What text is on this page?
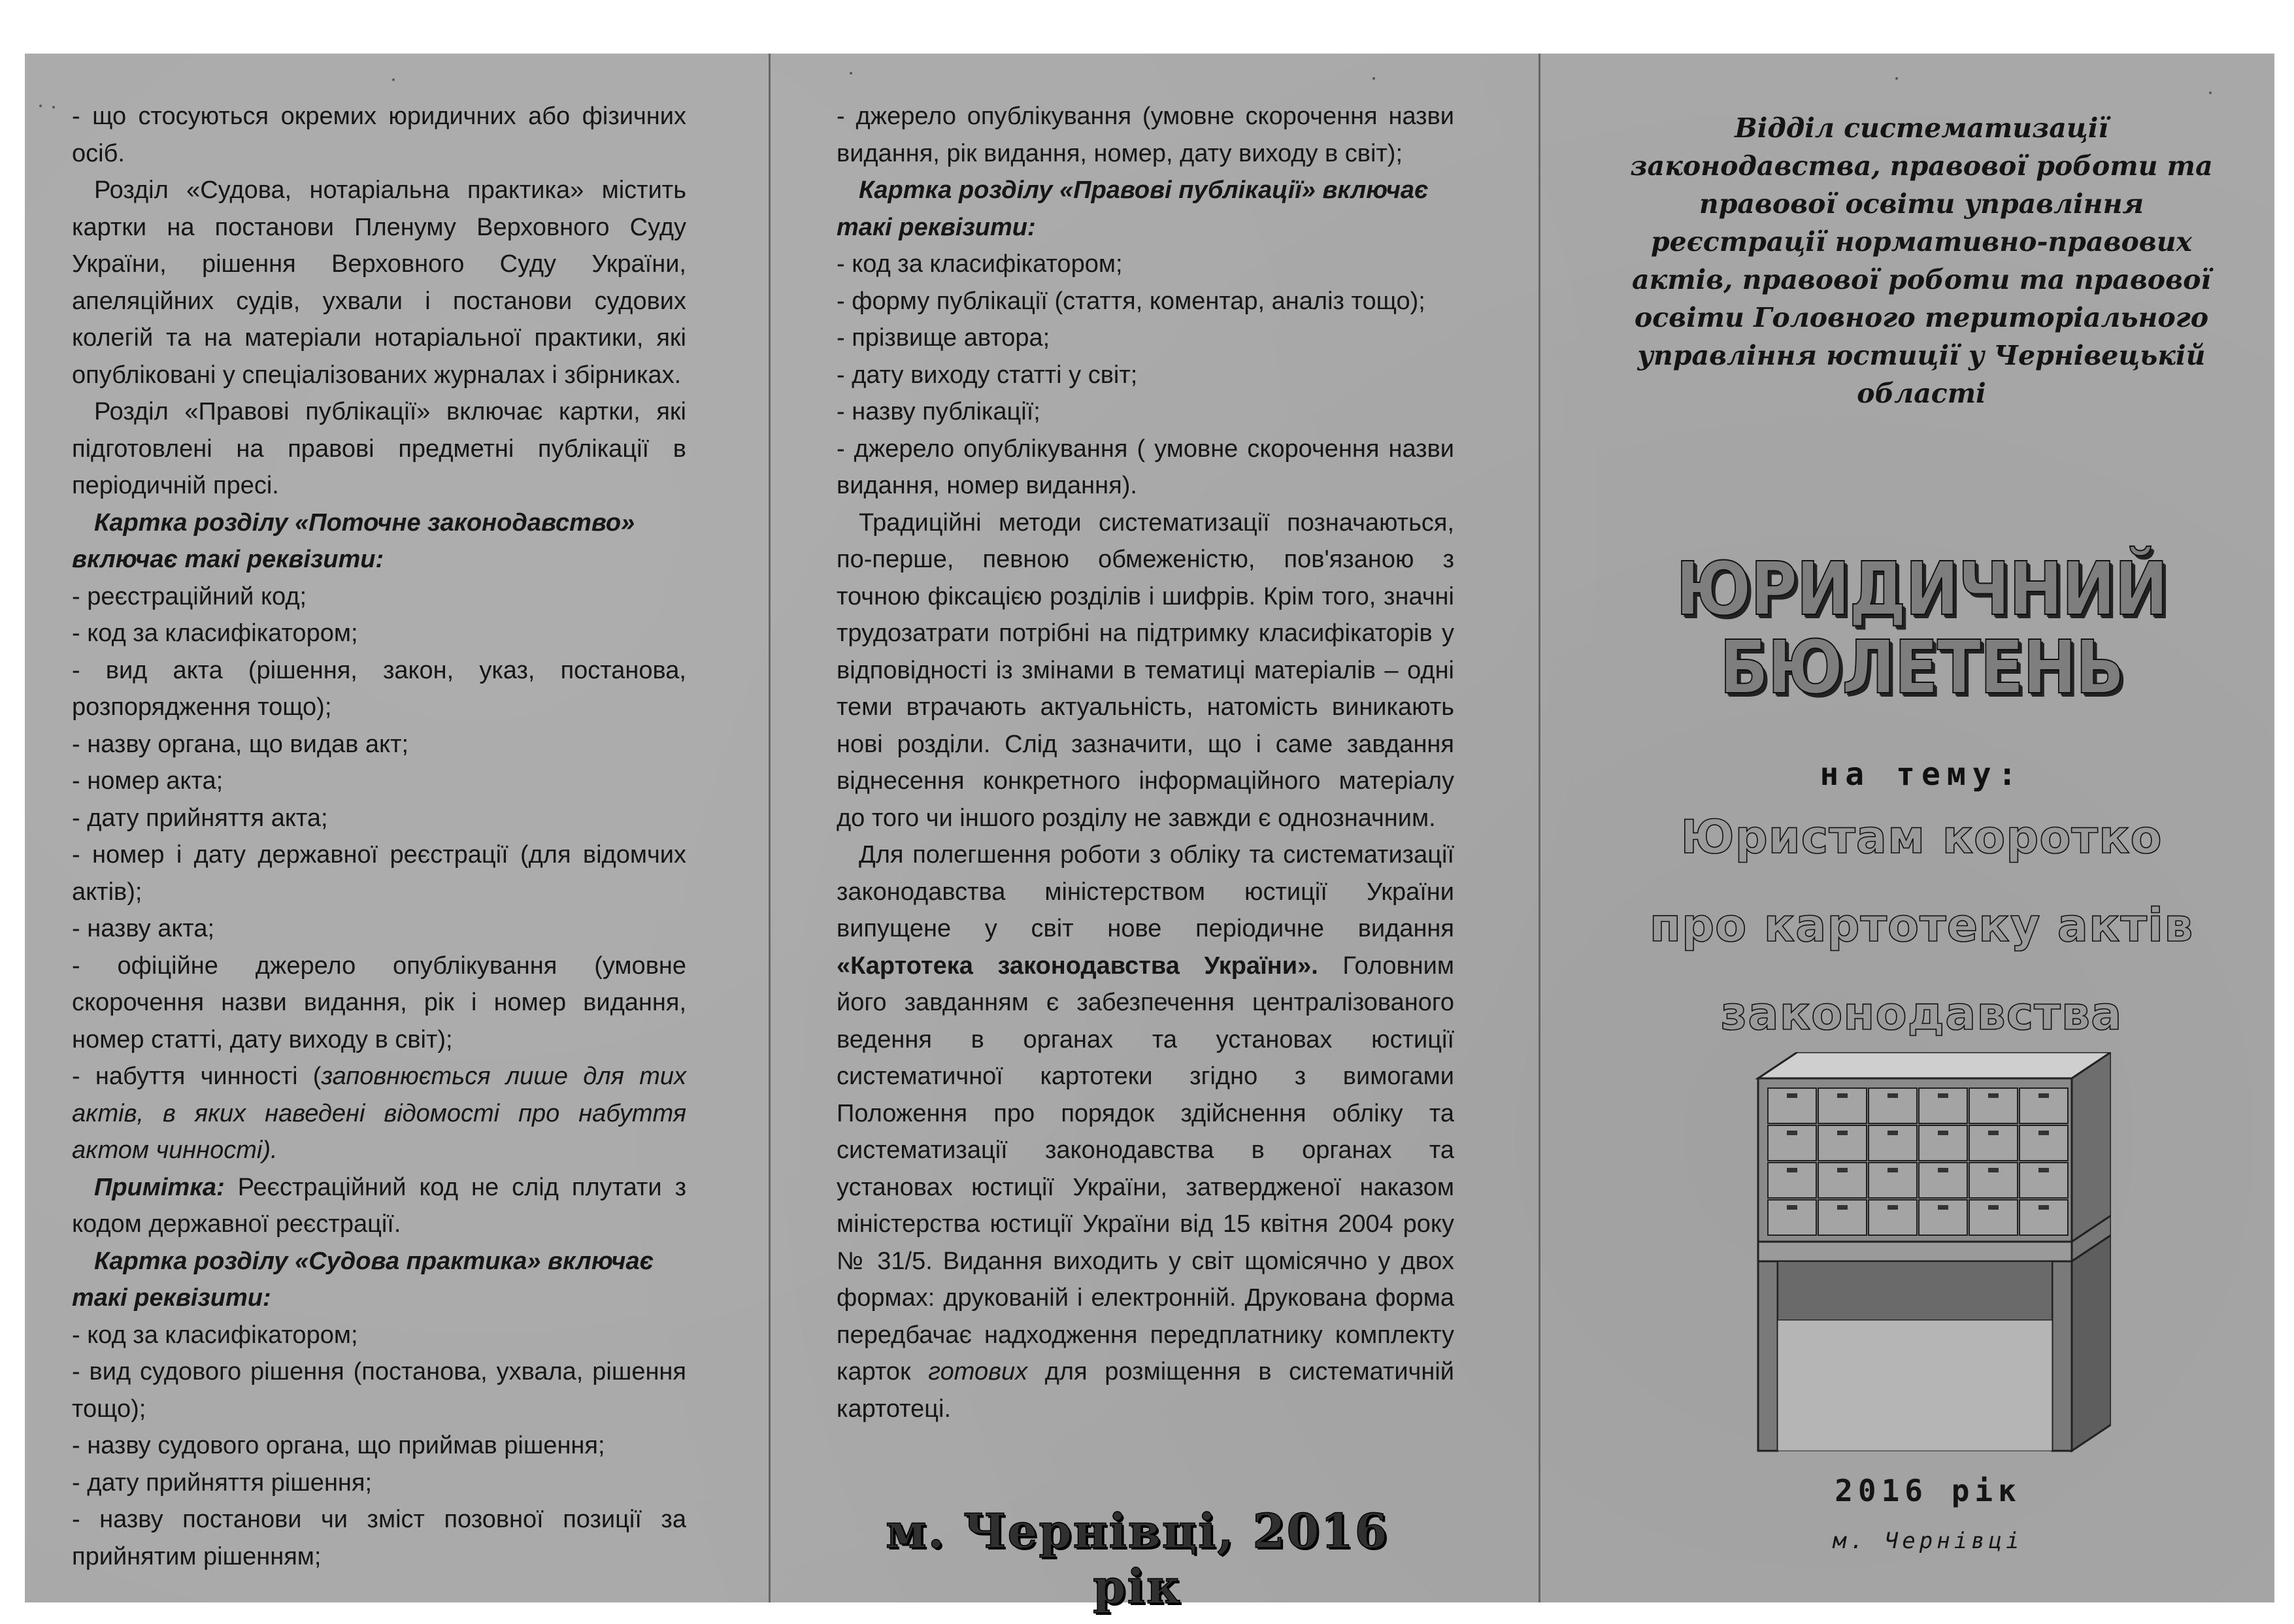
- що стосуються окремих юридичних або фізичних осіб.

Розділ «Судова, нотаріальна практика» містить картки на постанови Пленуму Верховного Суду України, рішення Верховного Суду України, апеляційних судів, ухвали і постанови судових колегій та на матеріали нотаріальної практики, які опубліковані у спеціалізованих журналах і збірниках.

Розділ «Правові публікації» включає картки, які підготовлені на правові предметні публікації в періодичній пресі.

Картка розділу «Поточне законодавство» включає такі реквізити:

- реєстраційний код;

- код за класифікатором;

- вид акта (рішення, закон, указ, постанова, розпорядження тощо);

- назву органа, що видав акт;

- номер акта;

- дату прийняття акта;

- номер і дату державної реєстрації (для відомчих актів);

- назву акта;

- офіційне джерело опублікування (умовне скорочення назви видання, рік і номер видання, номер статті, дату виходу в світ);

- набуття чинності (заповнюється лише для тих актів, в яких наведені відомості про набуття актом чинності).

Примітка: Реєстраційний код не слід плутати з кодом державної реєстрації.

Картка розділу «Судова практика» включає такі реквізити:

- код за класифікатором;

- вид судового рішення (постанова, ухвала, рішення тощо);

- назву судового органа, що приймав рішення;

- дату прийняття рішення;

- назву постанови чи зміст позовної позиції за прийнятим рішенням;

- джерело опублікування (умовне скорочення назви видання, рік видання, номер, дату виходу в світ);

Картка розділу «Правові публікації» включає такі реквізити:

- код за класифікатором;

- форму публікації (стаття, коментар, аналіз тощо);

- прізвище автора;

- дату виходу статті у світ;

- назву публікації;

- джерело опублікування ( умовне скорочення назви видання, номер видання).

Традиційні методи систематизації позначаються, по-перше, певною обмеженістю, пов'язаною з точною фіксацією розділів і шифрів. Крім того, значні трудозатрати потрібні на підтримку класифікаторів у відповідності із змінами в тематиці матеріалів – одні теми втрачають актуальність, натомість виникають нові розділи. Слід зазначити, що і саме завдання віднесення конкретного інформаційного матеріалу до того чи іншого розділу не завжди є однозначним.

Для полегшення роботи з обліку та систематизації законодавства міністерством юстиції України випущене у світ нове періодичне видання «Картотека законодавства України». Головним його завданням є забезпечення централізованого ведення в органах та установах юстиції систематичної картотеки згідно з вимогами Положення про порядок здійснення обліку та систематизації законодавства в органах та установах юстиції України, затвердженої наказом міністерства юстиції України від 15 квітня 2004 року № 31/5. Видання виходить у світ щомісячно у двох формах: друкованій і електронній. Друкована форма передбачає надходження передплатнику комплекту карток готових для розміщення в систематичній картотеці.

м. Чернівці, 2016 рік
Відділ систематизації законодавства, правової роботи та правової освіти управління реєстрації нормативно-правових актів, правової роботи та правової освіти Головного територіального управління юстиції у Чернівецькій області
ЮРИДИЧНИЙ
БЮЛЕТЕНЬ
на тему:
Юристам коротко
про картотеку актів
законодавства
2016 рік
м. Чернівці
